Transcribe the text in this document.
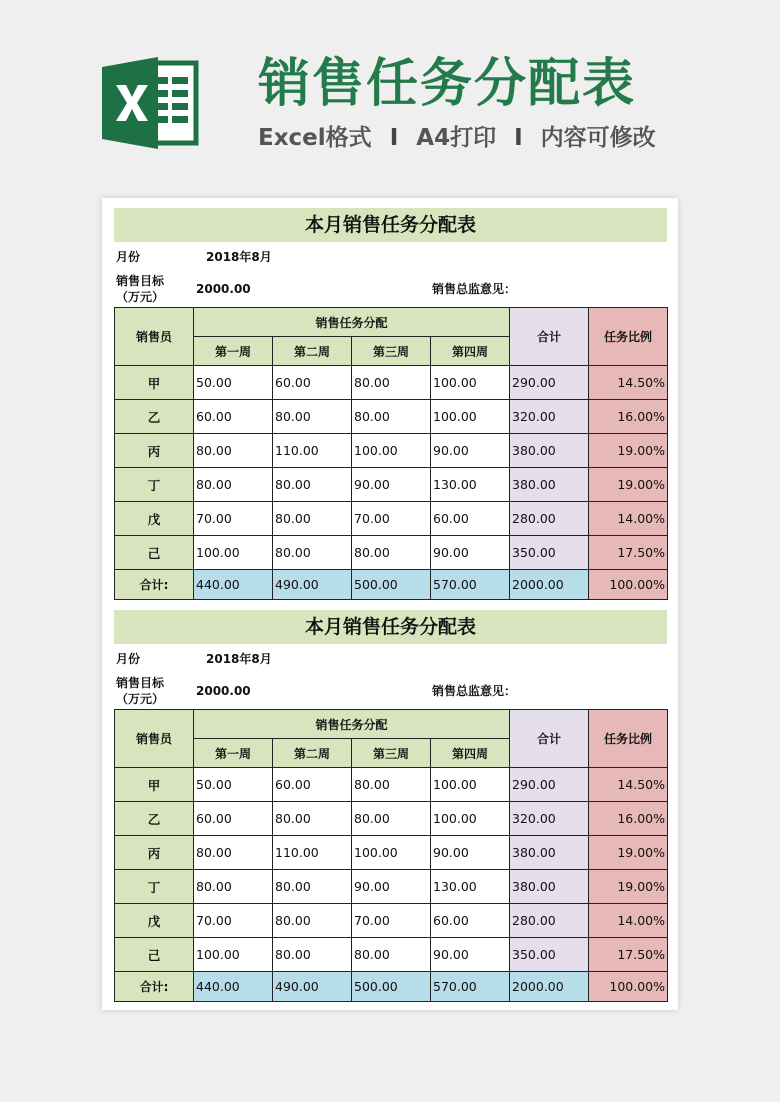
销售任务分配表
Excel格式 I A4打印 I 内容可修改
本月销售任务分配表
月份	2018年8月
销售目标
（万元）
2000.00	销售总监意见：
销售员	销售任务分配				合计	任务比例
	第一周	第二周	第三周	第四周		
甲	50.00	60.00	80.00	100.00	290.00	14.50%
乙	60.00	80.00	80.00	100.00	320.00	16.00%
丙	80.00	110.00	100.00	90.00	380.00	19.00%
丁	80.00	80.00	90.00	130.00	380.00	19.00%
戊	70.00	80.00	70.00	60.00	280.00	14.00%
己	100.00	80.00	80.00	90.00	350.00	17.50%
合计:	440.00	490.00	500.00	570.00	2000.00	100.00%
本月销售任务分配表
月份	2018年8月
销售目标
（万元）
2000.00	销售总监意见：
销售员	销售任务分配				合计	任务比例
	第一周	第二周	第三周	第四周		
甲	50.00	60.00	80.00	100.00	290.00	14.50%
乙	60.00	80.00	80.00	100.00	320.00	16.00%
丙	80.00	110.00	100.00	90.00	380.00	19.00%
丁	80.00	80.00	90.00	130.00	380.00	19.00%
戊	70.00	80.00	70.00	60.00	280.00	14.00%
己	100.00	80.00	80.00	90.00	350.00	17.50%
合计:	440.00	490.00	500.00	570.00	2000.00	100.00%
